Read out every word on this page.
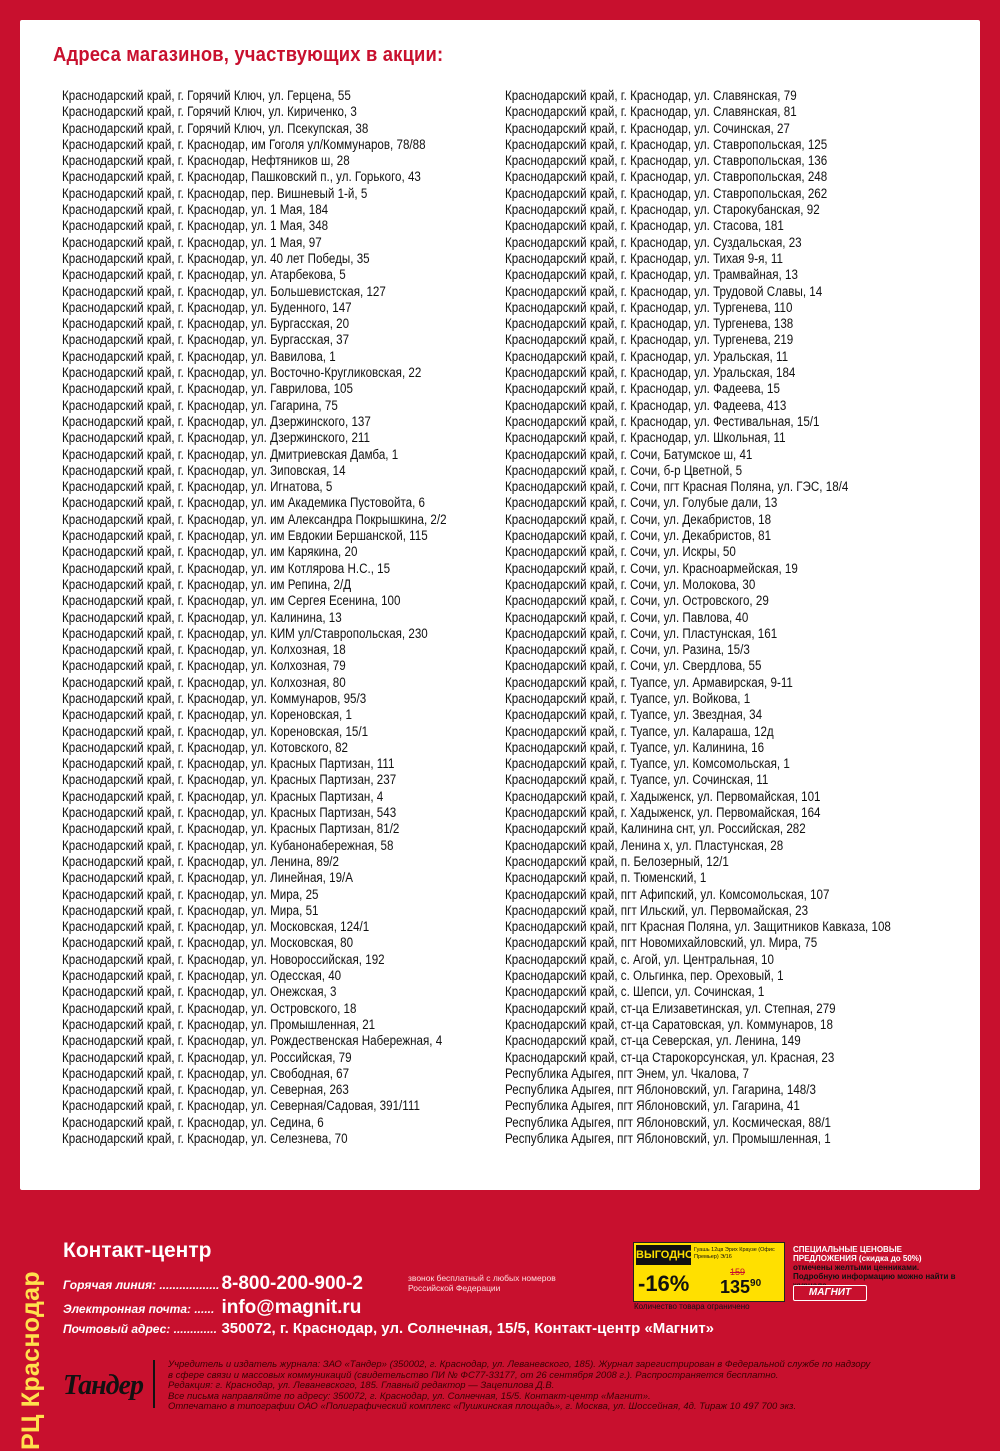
Адреса магазинов, участвующих в акции:
Краснодарский край, г. Горячий Ключ, ул. Герцена, 55
Краснодарский край, г. Горячий Ключ, ул. Кириченко, 3
Краснодарский край, г. Горячий Ключ, ул. Псекупская, 38
Краснодарский край, г. Краснодар, им Гоголя ул/Коммунаров, 78/88
Краснодарский край, г. Краснодар, Нефтяников ш, 28
Краснодарский край, г. Краснодар, Пашковский п., ул. Горького, 43
Краснодарский край, г. Краснодар, пер. Вишневый 1-й, 5
Краснодарский край, г. Краснодар, ул. 1 Мая, 184
Краснодарский край, г. Краснодар, ул. 1 Мая, 348
Краснодарский край, г. Краснодар, ул. 1 Мая, 97
Краснодарский край, г. Краснодар, ул. 40 лет Победы, 35
Краснодарский край, г. Краснодар, ул. Атарбекова, 5
Краснодарский край, г. Краснодар, ул. Большевистская, 127
Краснодарский край, г. Краснодар, ул. Буденного, 147
Краснодарский край, г. Краснодар, ул. Бургасская, 20
Краснодарский край, г. Краснодар, ул. Бургасская, 37
Краснодарский край, г. Краснодар, ул. Вавилова, 1
Краснодарский край, г. Краснодар, ул. Восточно-Кругликовская, 22
Краснодарский край, г. Краснодар, ул. Гаврилова, 105
Краснодарский край, г. Краснодар, ул. Гагарина, 75
Краснодарский край, г. Краснодар, ул. Дзержинского, 137
Краснодарский край, г. Краснодар, ул. Дзержинского, 211
Краснодарский край, г. Краснодар, ул. Дмитриевская Дамба, 1
Краснодарский край, г. Краснодар, ул. Зиповская, 14
Краснодарский край, г. Краснодар, ул. Игнатова, 5
Краснодарский край, г. Краснодар, ул. им Академика Пустовойта, 6
Краснодарский край, г. Краснодар, ул. им Александра Покрышкина, 2/2
Краснодарский край, г. Краснодар, ул. им Евдокии Бершанской, 115
Краснодарский край, г. Краснодар, ул. им Карякина, 20
Краснодарский край, г. Краснодар, ул. им Котлярова Н.С., 15
Краснодарский край, г. Краснодар, ул. им Репина, 2/Д
Краснодарский край, г. Краснодар, ул. им Сергея Есенина, 100
Краснодарский край, г. Краснодар, ул. Калинина, 13
Краснодарский край, г. Краснодар, ул. КИМ ул/Ставропольская, 230
Краснодарский край, г. Краснодар, ул. Колхозная, 18
Краснодарский край, г. Краснодар, ул. Колхозная, 79
Краснодарский край, г. Краснодар, ул. Колхозная, 80
Краснодарский край, г. Краснодар, ул. Коммунаров, 95/3
Краснодарский край, г. Краснодар, ул. Кореновская, 1
Краснодарский край, г. Краснодар, ул. Кореновская, 15/1
Краснодарский край, г. Краснодар, ул. Котовского, 82
Краснодарский край, г. Краснодар, ул. Красных Партизан, 111
Краснодарский край, г. Краснодар, ул. Красных Партизан, 237
Краснодарский край, г. Краснодар, ул. Красных Партизан, 4
Краснодарский край, г. Краснодар, ул. Красных Партизан, 543
Краснодарский край, г. Краснодар, ул. Красных Партизан, 81/2
Краснодарский край, г. Краснодар, ул. Кубанонабережная, 58
Краснодарский край, г. Краснодар, ул. Ленина, 89/2
Краснодарский край, г. Краснодар, ул. Линейная, 19/А
Краснодарский край, г. Краснодар, ул. Мира, 25
Краснодарский край, г. Краснодар, ул. Мира, 51
Краснодарский край, г. Краснодар, ул. Московская, 124/1
Краснодарский край, г. Краснодар, ул. Московская, 80
Краснодарский край, г. Краснодар, ул. Новороссийская, 192
Краснодарский край, г. Краснодар, ул. Одесская, 40
Краснодарский край, г. Краснодар, ул. Онежская, 3
Краснодарский край, г. Краснодар, ул. Островского, 18
Краснодарский край, г. Краснодар, ул. Промышленная, 21
Краснодарский край, г. Краснодар, ул. Рождественская Набережная, 4
Краснодарский край, г. Краснодар, ул. Российская, 79
Краснодарский край, г. Краснодар, ул. Свободная, 67
Краснодарский край, г. Краснодар, ул. Северная, 263
Краснодарский край, г. Краснодар, ул. Северная/Садовая, 391/111
Краснодарский край, г. Краснодар, ул. Седина, 6
Краснодарский край, г. Краснодар, ул. Селезнева, 70
Краснодарский край, г. Краснодар, ул. Славянская, 79
Краснодарский край, г. Краснодар, ул. Славянская, 81
Краснодарский край, г. Краснодар, ул. Сочинская, 27
Краснодарский край, г. Краснодар, ул. Ставропольская, 125
Краснодарский край, г. Краснодар, ул. Ставропольская, 136
Краснодарский край, г. Краснодар, ул. Ставропольская, 248
Краснодарский край, г. Краснодар, ул. Ставропольская, 262
Краснодарский край, г. Краснодар, ул. Старокубанская, 92
Краснодарский край, г. Краснодар, ул. Стасова, 181
Краснодарский край, г. Краснодар, ул. Суздальская, 23
Краснодарский край, г. Краснодар, ул. Тихая 9-я, 11
Краснодарский край, г. Краснодар, ул. Трамвайная, 13
Краснодарский край, г. Краснодар, ул. Трудовой Славы, 14
Краснодарский край, г. Краснодар, ул. Тургенева, 110
Краснодарский край, г. Краснодар, ул. Тургенева, 138
Краснодарский край, г. Краснодар, ул. Тургенева, 219
Краснодарский край, г. Краснодар, ул. Уральская, 11
Краснодарский край, г. Краснодар, ул. Уральская, 184
Краснодарский край, г. Краснодар, ул. Фадеева, 15
Краснодарский край, г. Краснодар, ул. Фадеева, 413
Краснодарский край, г. Краснодар, ул. Фестивальная, 15/1
Краснодарский край, г. Краснодар, ул. Школьная, 11
Краснодарский край, г. Сочи, Батумское ш, 41
Краснодарский край, г. Сочи, б-р Цветной, 5
Краснодарский край, г. Сочи, пгт Красная Поляна, ул. ГЭС, 18/4
Краснодарский край, г. Сочи, ул. Голубые дали, 13
Краснодарский край, г. Сочи, ул. Декабристов, 18
Краснодарский край, г. Сочи, ул. Декабристов, 81
Краснодарский край, г. Сочи, ул. Искры, 50
Краснодарский край, г. Сочи, ул. Красноармейская, 19
Краснодарский край, г. Сочи, ул. Молокова, 30
Краснодарский край, г. Сочи, ул. Островского, 29
Краснодарский край, г. Сочи, ул. Павлова, 40
Краснодарский край, г. Сочи, ул. Пластунская, 161
Краснодарский край, г. Сочи, ул. Разина, 15/3
Краснодарский край, г. Сочи, ул. Свердлова, 55
Краснодарский край, г. Туапсе, ул. Армавирская, 9-11
Краснодарский край, г. Туапсе, ул. Войкова, 1
Краснодарский край, г. Туапсе, ул. Звездная, 34
Краснодарский край, г. Туапсе, ул. Калараша, 12д
Краснодарский край, г. Туапсе, ул. Калинина, 16
Краснодарский край, г. Туапсе, ул. Комсомольская, 1
Краснодарский край, г. Туапсе, ул. Сочинская, 11
Краснодарский край, г. Хадыженск, ул. Первомайская, 101
Краснодарский край, г. Хадыженск, ул. Первомайская, 164
Краснодарский край, Калинина снт, ул. Российская, 282
Краснодарский край, Ленина х, ул. Пластунская, 28
Краснодарский край, п. Белозерный, 12/1
Краснодарский край, п. Тюменский, 1
Краснодарский край, пгт Афипский, ул. Комсомольская, 107
Краснодарский край, пгт Ильский, ул. Первомайская, 23
Краснодарский край, пгт Красная Поляна, ул. Защитников Кавказа, 108
Краснодарский край, пгт Новомихайловский, ул. Мира, 75
Краснодарский край, с. Агой, ул. Центральная, 10
Краснодарский край, с. Ольгинка, пер. Ореховый, 1
Краснодарский край, с. Шепси, ул. Сочинская, 1
Краснодарский край, ст-ца Елизаветинская, ул. Степная, 279
Краснодарский край, ст-ца Саратовская, ул. Коммунаров, 18
Краснодарский край, ст-ца Северская, ул. Ленина, 149
Краснодарский край, ст-ца Старокорсунская, ул. Красная, 23
Республика Адыгея, пгт Энем, ул. Чкалова, 7
Республика Адыгея, пгт Яблоновский, ул. Гагарина, 148/3
Республика Адыгея, пгт Яблоновский, ул. Гагарина, 41
Республика Адыгея, пгт Яблоновский, ул. Космическая, 88/1
Республика Адыгея, пгт Яблоновский, ул. Промышленная, 1
РЦ Краснодар
Контакт-центр
Горячая линия: .................. 8-800-200-900-2	звонок бесплатный с любых номеров Российской Федерации
Электронная почта: ...... info@magnit.ru
Почтовый адрес: ............. 350072, г. Краснодар, ул. Солнечная, 15/5, Контакт-центр «Магнит»
ВЫГОДНО Гуашь 12цв Эрих Краузе (Офис Премьер) Э/16
-16%	159
$135^{90}$
Количество товара ограничено
СПЕЦИАЛЬНЫЕ ЦЕНОВЫЕ ПРЕДЛОЖЕНИЯ (скидка до 50%) отмечены желтыми ценниками. Подробную информацию можно найти в
МАГНИТ
Тандер
Учредитель и издатель журнала: ЗАО «Тандер» (350002, г. Краснодар, ул. Леваневского, 185). Журнал зарегистрирован в Федеральной службе по надзору
в сфере связи и массовых коммуникаций (свидетельство ПИ № ФС77-33177, от 26 сентября 2008 г.). Распространяется бесплатно.
Редакция: г. Краснодар, ул. Леваневского, 185. Главный редактор — Зацепилова Д.В.
Все письма направляйте по адресу: 350072, г. Краснодар, ул. Солнечная, 15/5. Контакт-центр «Магнит».
Отпечатано в типографии ОАО «Полиграфический комплекс «Пушкинская площадь», г. Москва, ул. Шоссейная, 4д. Тираж 10 497 700 экз.
